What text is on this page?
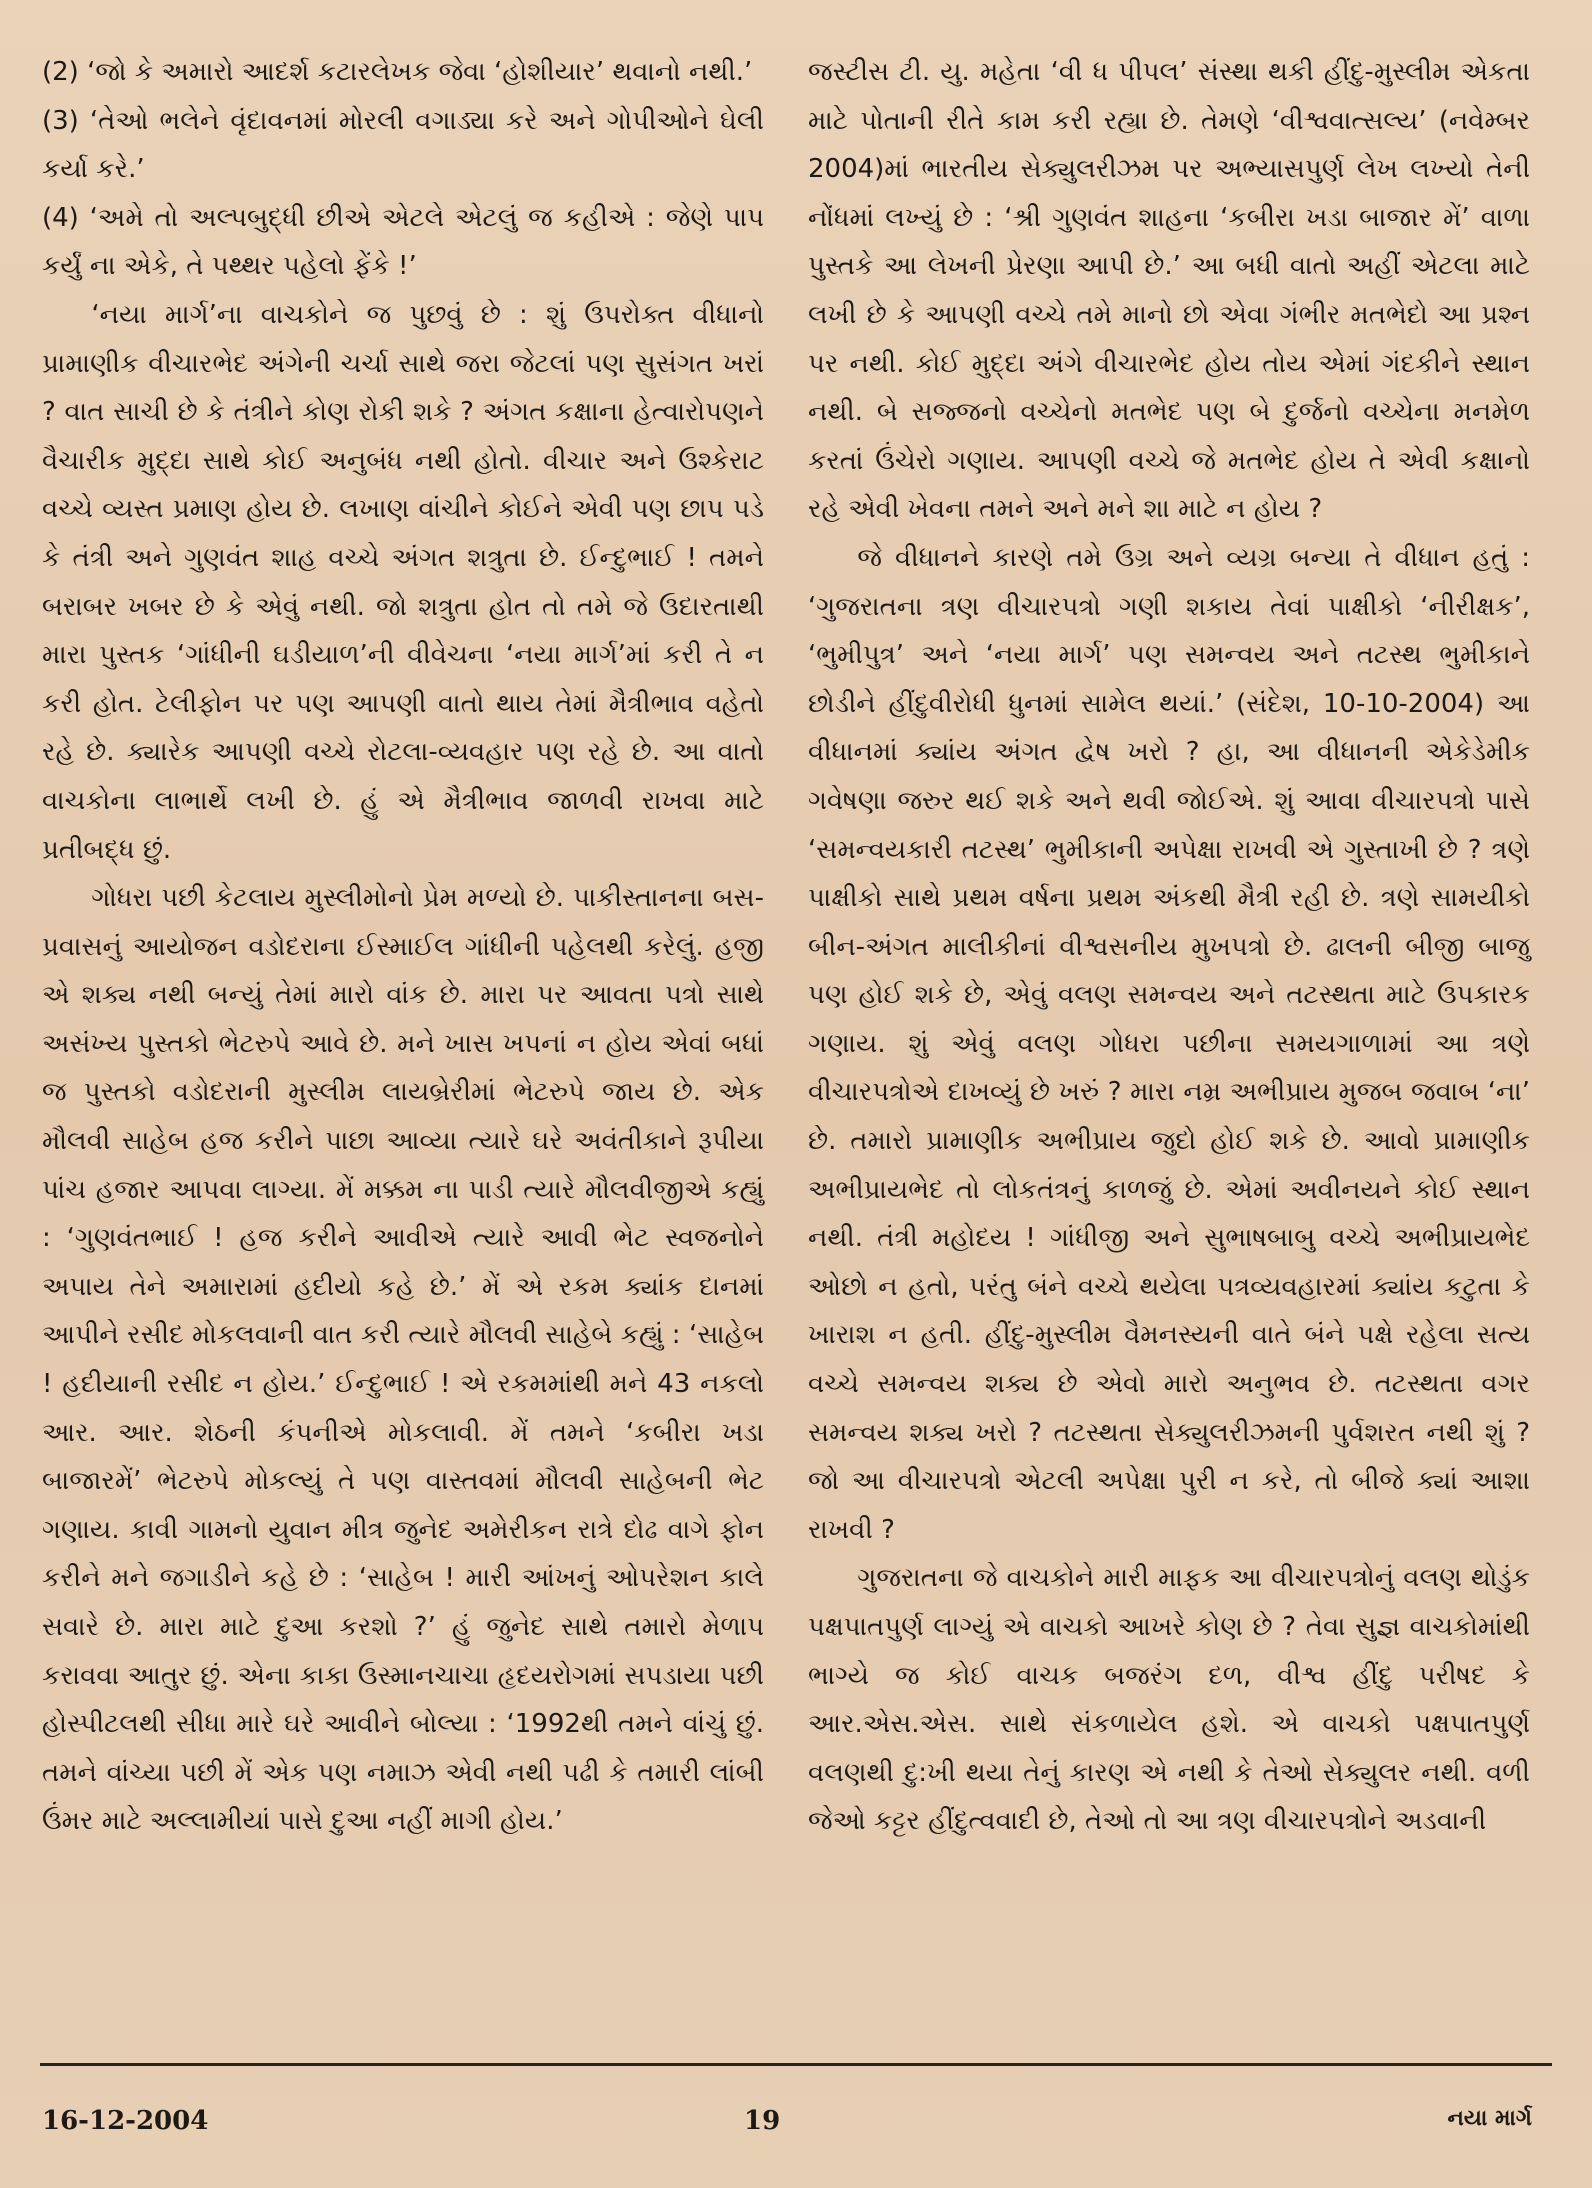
(2) ‘જો કે અમારો આદર્શ કટારલેખક જેવા ‘હોશીયાર’ થવાનો નથી.’

(3) ‘તેઓ ભલેને વૃંદાવનમાં મોરલી વગાડ્યા કરે અને ગોપીઓને ઘેલી કર્યા કરે.’

(4) ‘અમે તો અલ્પબુદ્ધી છીએ એટલે એટલું જ કહીએ : જેણે પાપ કર્યું ના એકે, તે પથ્થર પહેલો ફેંકે !’

‘નયા માર્ગ’ના વાચકોને જ પુછવું છે : શું ઉપરોક્ત વીધાનો પ્રામાણીક વીચારભેદ અંગેની ચર્ચા સાથે જરા જેટલાં પણ સુસંગત ખરાં ? વાત સાચી છે કે તંત્રીને કોણ રોકી શકે ? અંગત કક્ષાના હેત્વારોપણને વૈચારીક મુદ્દા સાથે કોઈ અનુબંધ નથી હોતો. વીચાર અને ઉશ્કેરાટ વચ્ચે વ્યસ્ત પ્રમાણ હોય છે. લખાણ વાંચીને કોઈને એવી પણ છાપ પડે કે તંત્રી અને ગુણવંત શાહ વચ્ચે અંગત શત્રુતા છે. ઈન્દુભાઈ ! તમને બરાબર ખબર છે કે એવું નથી. જો શત્રુતા હોત તો તમે જે ઉદારતાથી મારા પુસ્તક ‘ગાંધીની ઘડીયાળ’ની વીવેચના ‘નયા માર્ગ’માં કરી તે ન કરી હોત. ટેલીફોન પર પણ આપણી વાતો થાય તેમાં મૈત્રીભાવ વહેતો રહે છે. ક્યારેક આપણી વચ્ચે રોટલા-વ્યવહાર પણ રહે છે. આ વાતો વાચકોના લાભાર્થે લખી છે. હું એ મૈત્રીભાવ જાળવી રાખવા માટે પ્રતીબદ્ધ છું.

ગોધરા પછી કેટલાય મુસ્લીમોનો પ્રેમ મળ્યો છે. પાકીસ્તાનના બસ-પ્રવાસનું આયોજન વડોદરાના ઈસ્માઈલ ગાંધીની પહેલથી કરેલું. હજી એ શક્ય નથી બન્યું તેમાં મારો વાંક છે. મારા પર આવતા પત્રો સાથે અસંખ્ય પુસ્તકો ભેટરુપે આવે છે. મને ખાસ ખપનાં ન હોય એવાં બધાં જ પુસ્તકો વડોદરાની મુસ્લીમ લાયબ્રેરીમાં ભેટરુપે જાય છે. એક મૌલવી સાહેબ હજ કરીને પાછા આવ્યા ત્યારે ઘરે અવંતીકાને રૂપીયા પાંચ હજાર આપવા લાગ્યા. મેં મક્કમ ના પાડી ત્યારે મૌલવીજીએ કહ્યું : ‘ગુણવંતભાઈ ! હજ કરીને આવીએ ત્યારે આવી ભેટ સ્વજનોને અપાય તેને અમારામાં હદીયો કહે છે.’ મેં એ રકમ ક્યાંક દાનમાં આપીને રસીદ મોકલવાની વાત કરી ત્યારે મૌલવી સાહેબે કહ્યું : ‘સાહેબ ! હદીયાની રસીદ ન હોય.’ ઈન્દુભાઈ ! એ રકમમાંથી મને 43 નકલો આર. આર. શેઠની કંપનીએ મોકલાવી. મેં તમને ‘કબીરા ખડા બાજારમેં’ ભેટરુપે મોકલ્યું તે પણ વાસ્તવમાં મૌલવી સાહેબની ભેટ ગણાય. કાવી ગામનો યુવાન મીત્ર જુનેદ અમેરીકન રાત્રે દોઢ વાગે ફોન કરીને મને જગાડીને કહે છે : ‘સાહેબ ! મારી આંખનું ઓપરેશન કાલે સવારે છે. મારા માટે દુઆ કરશો ?’ હું જુનેદ સાથે તમારો મેળાપ કરાવવા આતુર છું. એના કાકા ઉસ્માનચાચા હૃદયરોગમાં સપડાયા પછી હોસ્પીટલથી સીધા મારે ઘરે આવીને બોલ્યા : ‘1992થી તમને વાંચું છું. તમને વાંચ્યા પછી મેં એક પણ નમાઝ એવી નથી પઢી કે તમારી લાંબી ઉંમર માટે અલ્લામીયાં પાસે દુઆ નહીં માગી હોય.’

જસ્ટીસ ટી. યુ. મહેતા ‘વી ધ પીપલ’ સંસ્થા થકી હીંદુ-મુસ્લીમ એકતા માટે પોતાની રીતે કામ કરી રહ્યા છે. તેમણે ‘વીશ્વવાત્સલ્ય’ (નવેમ્બર 2004)માં ભારતીય સેક્યુલરીઝમ પર અભ્યાસપુર્ણ લેખ લખ્યો તેની નોંધમાં લખ્યું છે : ‘શ્રી ગુણવંત શાહના ‘કબીરા ખડા બાજાર મેં’ વાળા પુસ્તકે આ લેખની પ્રેરણા આપી છે.’ આ બધી વાતો અહીં એટલા માટે લખી છે કે આપણી વચ્ચે તમે માનો છો એવા ગંભીર મતભેદો આ પ્રશ્ન પર નથી. કોઈ મુદ્દા અંગે વીચારભેદ હોય તોય એમાં ગંદકીને સ્થાન નથી. બે સજ્જનો વચ્ચેનો મતભેદ પણ બે દુર્જનો વચ્ચેના મનમેળ કરતાં ઉંચેરો ગણાય. આપણી વચ્ચે જે મતભેદ હોય તે એવી કક્ષાનો રહે એવી ખેવના તમને અને મને શા માટે ન હોય ?

જે વીધાનને કારણે તમે ઉગ્ર અને વ્યગ્ર બન્યા તે વીધાન હતું : ‘ગુજરાતના ત્રણ વીચારપત્રો ગણી શકાય તેવાં પાક્ષીકો ‘નીરીક્ષક’, ‘ભુમીપુત્ર’ અને ‘નયા માર્ગ’ પણ સમન્વય અને તટસ્થ ભુમીકાને છોડીને હીંદુવીરોધી ધુનમાં સામેલ થયાં.’ (સંદેશ, 10-10-2004) આ વીધાનમાં ક્યાંય અંગત દ્વેષ ખરો ? હા, આ વીધાનની એકેડેમીક ગવેષણા જરુર થઈ શકે અને થવી જોઈએ. શું આવા વીચારપત્રો પાસે ‘સમન્વયકારી તટસ્થ’ ભુમીકાની અપેક્ષા રાખવી એ ગુસ્તાખી છે ? ત્રણે પાક્ષીકો સાથે પ્રથમ વર્ષના પ્રથમ અંકથી મૈત્રી રહી છે. ત્રણે સામયીકો બીન-અંગત માલીકીનાં વીશ્વસનીય મુખપત્રો છે. ઢાલની બીજી બાજુ પણ હોઈ શકે છે, એવું વલણ સમન્વય અને તટસ્થતા માટે ઉપકારક ગણાય. શું એવું વલણ ગોધરા પછીના સમયગાળામાં આ ત્રણે વીચારપત્રોએ દાખવ્યું છે ખરું ? મારા નમ્ર અભીપ્રાય મુજબ જવાબ ‘ના’ છે. તમારો પ્રામાણીક અભીપ્રાય જુદો હોઈ શકે છે. આવો પ્રામાણીક અભીપ્રાયભેદ તો લોકતંત્રનું કાળજું છે. એમાં અવીનયને કોઈ સ્થાન નથી. તંત્રી મહોદય ! ગાંધીજી અને સુભાષબાબુ વચ્ચે અભીપ્રાયભેદ ઓછો ન હતો, પરંતુ બંને વચ્ચે થયેલા પત્રવ્યવહારમાં ક્યાંય કટુતા કે ખારાશ ન હતી. હીંદુ-મુસ્લીમ વૈમનસ્યની વાતે બંને પક્ષે રહેલા સત્ય વચ્ચે સમન્વય શક્ય છે એવો મારો અનુભવ છે. તટસ્થતા વગર સમન્વય શક્ય ખરો ? તટસ્થતા સેક્યુલરીઝમની પુર્વશરત નથી શું ? જો આ વીચારપત્રો એટલી અપેક્ષા પુરી ન કરે, તો બીજે ક્યાં આશા રાખવી ?

ગુજરાતના જે વાચકોને મારી માફક આ વીચારપત્રોનું વલણ થોડુંક પક્ષપાતપુર્ણ લાગ્યું એ વાચકો આખરે કોણ છે ? તેવા સુજ્ઞ વાચકોમાંથી ભાગ્યે જ કોઈ વાચક બજરંગ દળ, વીશ્વ હીંદુ પરીષદ કે આર.એસ.એસ. સાથે સંકળાયેલ હશે. એ વાચકો પક્ષપાતપુર્ણ વલણથી દુ:ખી થયા તેનું કારણ એ નથી કે તેઓ સેક્યુલર નથી. વળી જેઓ કટ્ટર હીંદુત્વવાદી છે, તેઓ તો આ ત્રણ વીચારપત્રોને અડવાની

16-12-2004	19	નયા માર્ગ
